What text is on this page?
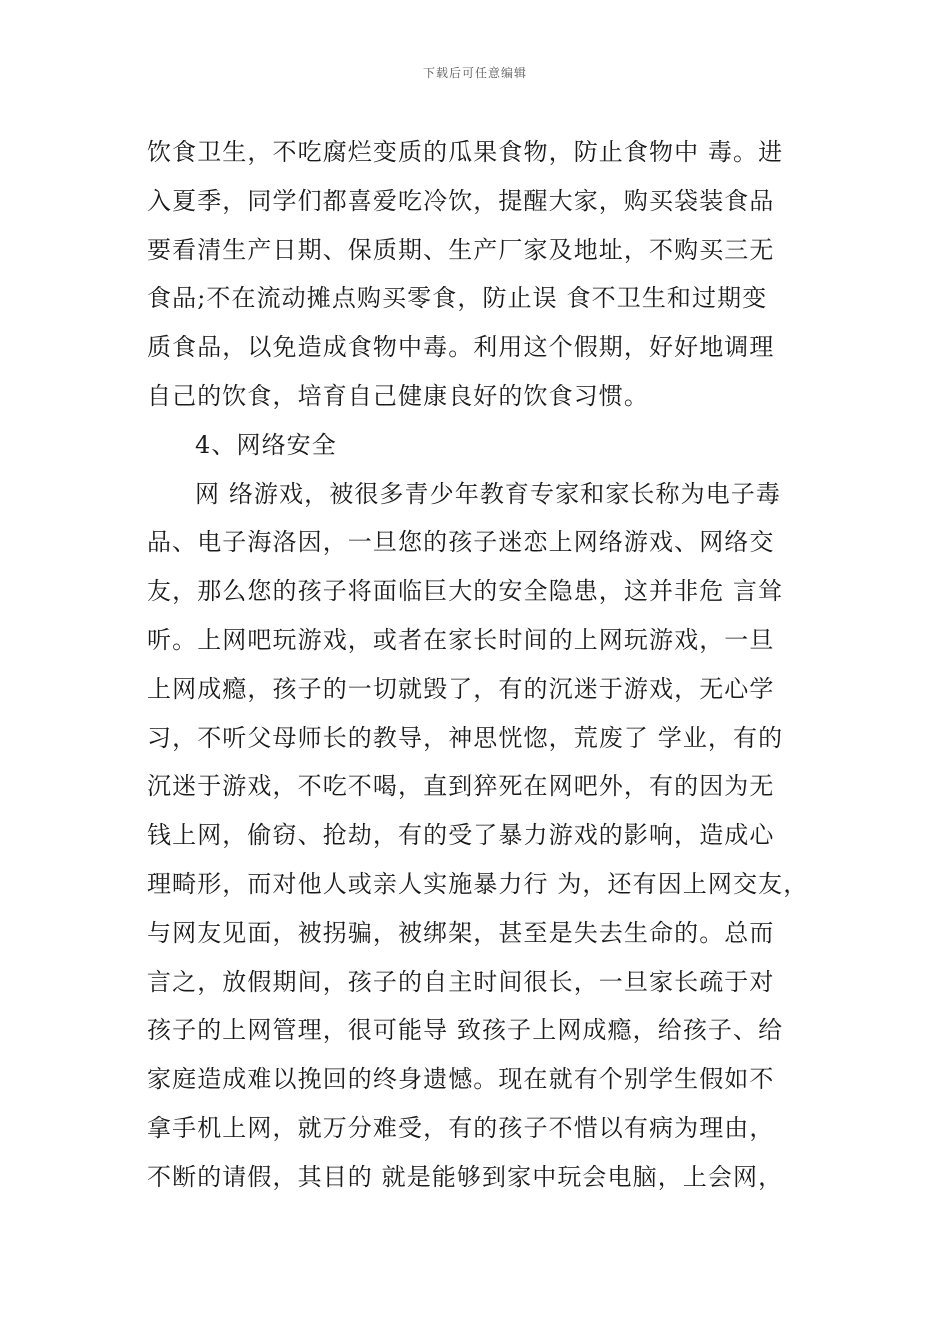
下载后可任意编辑
饮食卫生，不吃腐烂变质的瓜果食物，防止食物中 毒。进
入夏季，同学们都喜爱吃冷饮，提醒大家，购买袋装食品
要看清生产日期、保质期、生产厂家及地址，不购买三无
食品;不在流动摊点购买零食，防止误 食不卫生和过期变
质食品，以免造成食物中毒。利用这个假期，好好地调理
自己的饮食，培育自己健康良好的饮食习惯。
4、网络安全
网 络游戏，被很多青少年教育专家和家长称为电子毒
品、电子海洛因，一旦您的孩子迷恋上网络游戏、网络交
友，那么您的孩子将面临巨大的安全隐患，这并非危 言耸
听。上网吧玩游戏，或者在家长时间的上网玩游戏，一旦
上网成瘾，孩子的一切就毁了，有的沉迷于游戏，无心学
习，不听父母师长的教导，神思恍惚，荒废了 学业，有的
沉迷于游戏，不吃不喝，直到猝死在网吧外，有的因为无
钱上网，偷窃、抢劫，有的受了暴力游戏的影响，造成心
理畸形，而对他人或亲人实施暴力行 为，还有因上网交友，
与网友见面，被拐骗，被绑架，甚至是失去生命的。总而
言之，放假期间，孩子的自主时间很长，一旦家长疏于对
孩子的上网管理，很可能导 致孩子上网成瘾，给孩子、给
家庭造成难以挽回的终身遗憾。现在就有个别学生假如不
拿手机上网，就万分难受，有的孩子不惜以有病为理由，
不断的请假，其目的 就是能够到家中玩会电脑，上会网，
